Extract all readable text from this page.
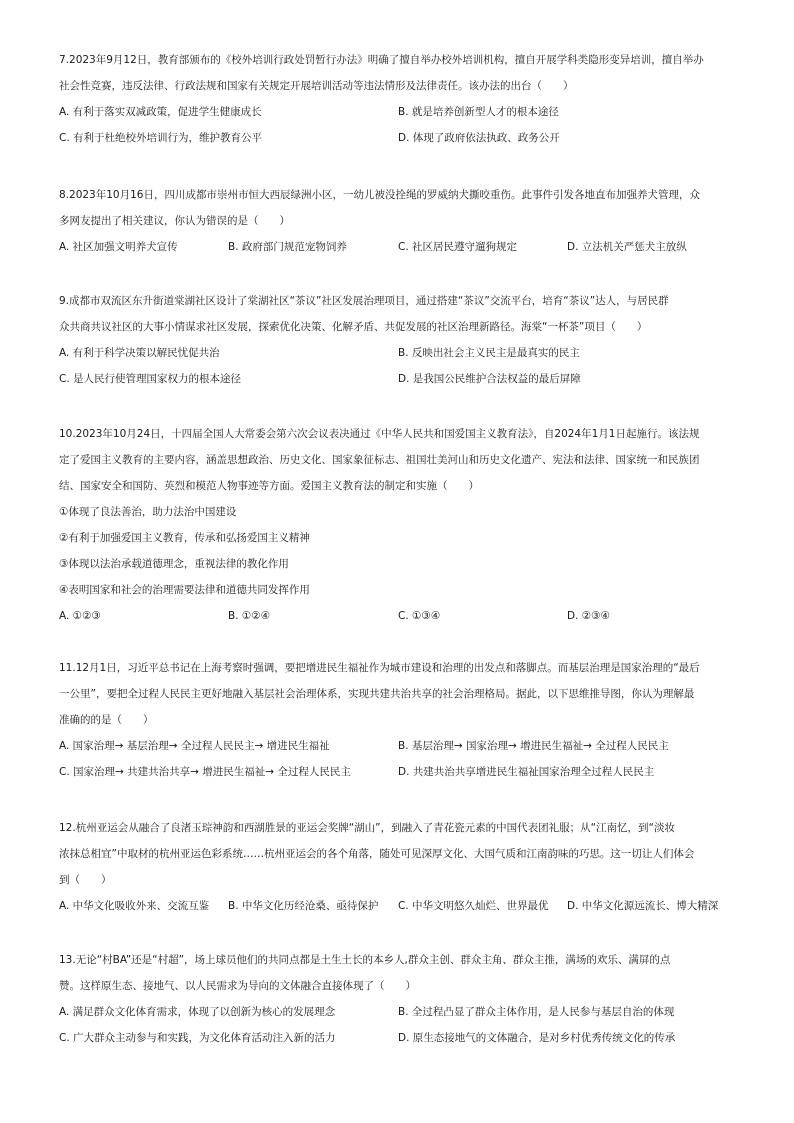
7.2023年9月12日，教育部颁布的《校外培训行政处罚暂行办法》明确了擅自举办校外培训机构，擅自开展学科类隐形变异培训，擅自举办
社会性竞赛，违反法律、行政法规和国家有关规定开展培训活动等违法情形及法律责任。该办法的出台（　　）
A. 有利于落实双减政策，促进学生健康成长	B. 就是培养创新型人才的根本途径
C. 有利于杜绝校外培训行为，维护教育公平	D. 体现了政府依法执政、政务公开
8.2023年10月16日，四川成都市崇州市恒大西辰绿洲小区，一幼儿被没拴绳的罗威纳犬撕咬重伤。此事件引发各地直布加强养犬管理，众
多网友提出了相关建议，你认为错误的是（　　）
A. 社区加强文明养犬宣传	B. 政府部门规范宠物饲养	C. 社区居民遵守遛狗规定	D. 立法机关严惩犬主放纵
9.成都市双流区东升街道棠湖社区设计了棠湖社区“茶议”社区发展治理项目，通过搭建“茶议”交流平台，培育“茶议”达人，与居民群
众共商共议社区的大事小情谋求社区发展，探索优化决策、化解矛盾、共促发展的社区治理新路径。海棠“一杯茶”项目（　　）
A. 有利于科学决策以解民忧促共治	B. 反映出社会主义民主是最真实的民主
C. 是人民行使管理国家权力的根本途径	D. 是我国公民维护合法权益的最后屏障
10.2023年10月24日，十四届全国人大常委会第六次会议表决通过《中华人民共和国爱国主义教育法》，自2024年1月1日起施行。该法规
定了爱国主义教育的主要内容，涵盖思想政治、历史文化、国家象征标志、祖国壮美河山和历史文化遗产、宪法和法律、国家统一和民族团
结、国家安全和国防、英烈和模范人物事迹等方面。爱国主义教育法的制定和实施（　　）
①体现了良法善治，助力法治中国建设
②有利于加强爱国主义教育，传承和弘扬爱国主义精神
③体现以法治承载道德理念，重视法律的教化作用
④表明国家和社会的治理需要法律和道德共同发挥作用
A. ①②③	B. ①②④	C. ①③④	D. ②③④
11.12月1日，习近平总书记在上海考察时强调，要把增进民生福祉作为城市建设和治理的出发点和落脚点。而基层治理是国家治理的“最后
一公里”，要把全过程人民民主更好地融入基层社会治理体系，实现共建共治共享的社会治理格局。据此，以下思维推导图，你认为理解最
准确的的是（　　）
A. 国家治理→ 基层治理→ 全过程人民民主→ 增进民生福祉	B. 基层治理→ 国家治理→ 增进民生福祉→ 全过程人民民主
C. 国家治理→ 共建共治共享→ 增进民生福祉→ 全过程人民民主	D. 共建共治共享增进民生福祉国家治理全过程人民民主
12.杭州亚运会从融合了良渚玉琮神韵和西湖胜景的亚运会奖牌“湖山”，到融入了青花瓷元素的中国代表团礼服；从“江南忆，到“淡妆
浓抹总相宜”中取材的杭州亚运色彩系统……杭州亚运会的各个角落，随处可见深厚文化、大国气质和江南韵味的巧思。这一切让人们体会
到（　　）
A. 中华文化吸收外来、交流互鉴 B. 中华文化历经沧桑、亟待保护 C. 中华文明悠久灿烂、世界最优 D. 中华文化源远流长、博大精深
13.无论“村BA”还是“村超”，场上球员他们的共同点都是土生土长的本乡人,群众主创、群众主角、群众主推，满场的欢乐、满屏的点
赞。这样原生态、接地气、以人民需求为导向的文体融合直接体现了（　　）
A. 满足群众文化体育需求，体现了以创新为核心的发展理念	B. 全过程凸显了群众主体作用，是人民参与基层自治的体现
C. 广大群众主动参与和实践，为文化体育活动注入新的活力	D. 原生态接地气的文体融合，是对乡村优秀传统文化的传承
